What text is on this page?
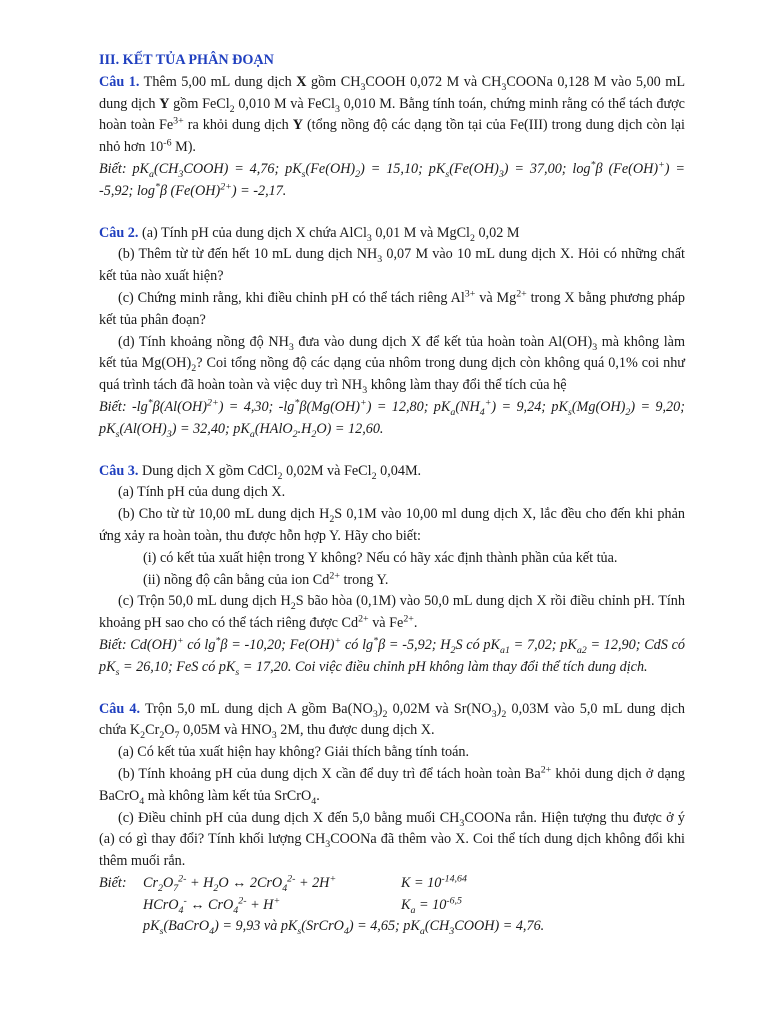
III. KẾT TỦA PHÂN ĐOẠN

Câu 1. Thêm 5,00 mL dung dịch X gồm $CH_3COOH$ 0,072 M và $CH_3COONa$ 0,128 M vào 5,00 mL dung dịch Y gồm FeCl$_2$ 0,010 M và FeCl$_3$ 0,010 M. Bằng tính toán, chứng minh rằng có thể tách được hoàn toàn $Fe^{3+}$ ra khỏi dung dịch Y (tổng nồng độ các dạng tồn tại của Fe(III) trong dung dịch còn lại nhỏ hơn $10^{-6}$ M).

Biết: $pK_a(CH_3COOH) = 4,76$; $pK_s(Fe(OH)_2) = 15,10$; $pK_s(Fe(OH)_3) = 37,00$; log*β (Fe(OH)+) = -5,92; log*β (Fe(OH)$^{2+}$) = -2,17.

Câu 2. (a) Tính pH của dung dịch X chứa AlCl$_3$ 0,01 M và MgCl$_2$ 0,02 M

(b) Thêm từ từ đến hết 10 mL dung dịch $NH_3$ 0,07 M vào 10 mL dung dịch X. Hỏi có những chất kết tủa nào xuất hiện?

(c) Chứng minh rằng, khi điều chỉnh pH có thể tách riêng $Al^{3+}$ và $Mg^{2+}$ trong X bằng phương pháp kết tủa phân đoạn?

(d) Tính khoảng nồng độ $NH_3$ đưa vào dung dịch X để kết tủa hoàn toàn $Al(OH)_3$ mà không làm kết tủa $Mg(OH)_2$? Coi tổng nồng độ các dạng của nhôm trong dung dịch còn không quá 0,1% coi như quá trình tách đã hoàn toàn và việc duy trì $NH_3$ không làm thay đổi thể tích của hệ

Biết: -lg*β(Al(OH)$^{2+}$) = 4,30; -lg*β(Mg(OH)+) = 12,80; $pK_a(NH_4^+) = 9,24$; $pK_s(Mg(OH)_2) = 9,20$; $pK_s(Al(OH)_3) = 32,40$; $pK_a(HAlO_2.H_2O) = 12,60$.

Câu 3. Dung dịch X gồm CdCl$_2$ 0,02M và FeCl$_2$ 0,04M.

(a) Tính pH của dung dịch X.

(b) Cho từ từ 10,00 mL dung dịch $H_2S$ 0,1M vào 10,00 ml dung dịch X, lắc đều cho đến khi phản ứng xảy ra hoàn toàn, thu được hỗn hợp Y. Hãy cho biết:

(i) có kết tủa xuất hiện trong Y không? Nếu có hãy xác định thành phần của kết tủa.

(ii) nồng độ cân bằng của ion $Cd^{2+}$ trong Y.

(c) Trộn 50,0 mL dung dịch $H_2S$ bão hòa (0,1M) vào 50,0 mL dung dịch X rồi điều chỉnh pH. Tính khoảng pH sao cho có thể tách riêng được $Cd^{2+}$ và $Fe^{2+}$.

Biết: Cd(OH)+ có lg*β = -10,20; Fe(OH)+ có lg*β = -5,92; $H_2S$ có $pK_{a1} = 7,02$; $pK_{a2} = 12,90$; CdS có $pK_s = 26,10$; FeS có $pK_s = 17,20$. Coi việc điều chỉnh pH không làm thay đổi thể tích dung dịch.

Câu 4. Trộn 5,0 mL dung dịch A gồm $Ba(NO_3)_2$ 0,02M và $Sr(NO_3)_2$ 0,03M vào 5,0 mL dung dịch chứa $K_2Cr_2O_7$ 0,05M và $HNO_3$ 2M, thu được dung dịch X.

(a) Có kết tủa xuất hiện hay không? Giải thích bằng tính toán.

(b) Tính khoảng pH của dung dịch X cần để duy trì để tách hoàn toàn $Ba^{2+}$ khỏi dung dịch ở dạng BaCrO$_4$ mà không làm kết tủa SrCrO$_4$.

(c) Điều chỉnh pH của dung dịch X đến 5,0 bằng muối $CH_3COONa$ rắn. Hiện tượng thu được ở ý (a) có gì thay đổi? Tính khối lượng $CH_3COONa$ đã thêm vào X. Coi thể tích dung dịch không đổi khi thêm muối rắn.

Biết:	$Cr_2O_7^{2-} + H_2O$ ↔ 2CrO$_4^{2-}$ + 2H+	$K = 10^{-14,64}$
HCrO$_4$- ↔ CrO$_4^{2-}$ + H+	$K_a = 10^{-6,5}$
$pK_s(BaCrO_4) = 9,93$ và $pK_s(SrCrO_4) = 4,65$; $pK_a(CH_3COOH) = 4,76$.
